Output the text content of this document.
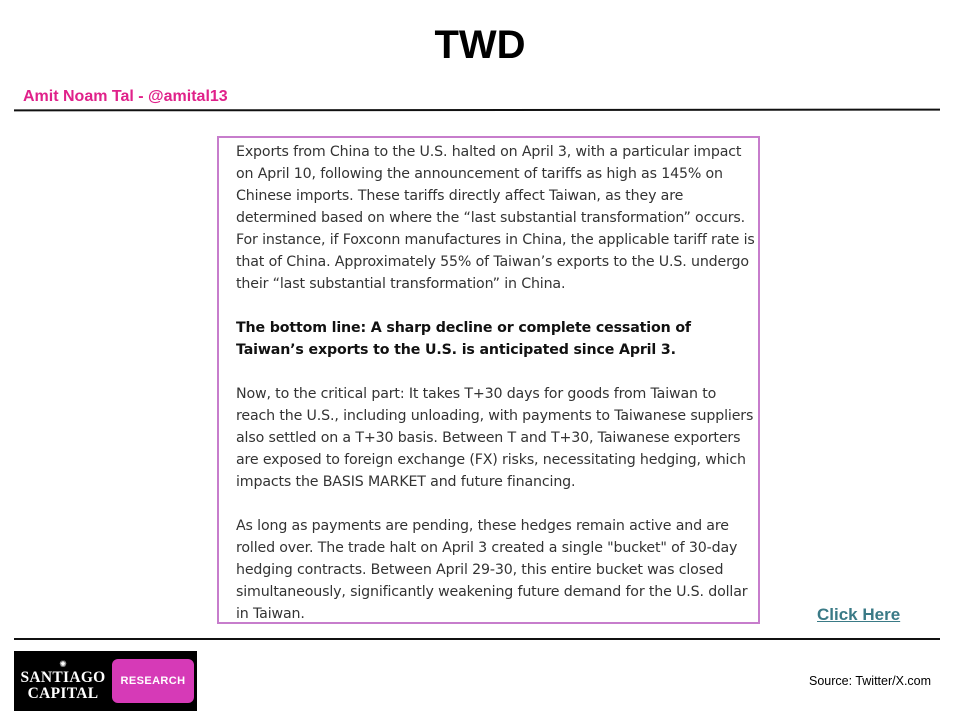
TWD
Amit Noam Tal - @amital13

Exports from China to the U.S. halted on April 3, with a particular impact on April 10, following the announcement of tariffs as high as 145% on Chinese imports. These tariffs directly affect Taiwan, as they are determined based on where the “last substantial transformation” occurs. For instance, if Foxconn manufactures in China, the applicable tariff rate is that of China. Approximately 55% of Taiwan’s exports to the U.S. undergo their “last substantial transformation” in China.

The bottom line: A sharp decline or complete cessation of Taiwan’s exports to the U.S. is anticipated since April 3.

Now, to the critical part: It takes T+30 days for goods from Taiwan to reach the U.S., including unloading, with payments to Taiwanese suppliers also settled on a T+30 basis. Between T and T+30, Taiwanese exporters are exposed to foreign exchange (FX) risks, necessitating hedging, which impacts the BASIS MARKET and future financing.

As long as payments are pending, these hedges remain active and are rolled over. The trade halt on April 3 created a single "bucket" of 30-day hedging contracts. Between April 29-30, this entire bucket was closed simultaneously, significantly weakening future demand for the U.S. dollar in Taiwan.	Click Here
✺
SANTIAGO
CAPITAL
RESEARCH	Source: Twitter/X.com
